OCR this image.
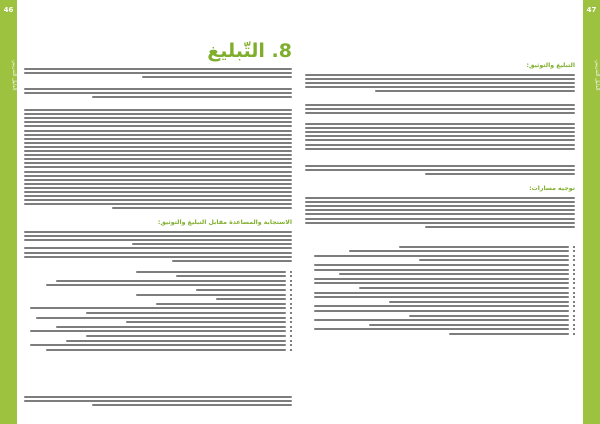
46
الدليل التدريبي
47
الدليل التدريبي
8. التّبليغ
الاستجابة والمساعدة مقابل التبليغ والتوثيق:
التبليغ والتوثيق:
توجيه مسارات:
